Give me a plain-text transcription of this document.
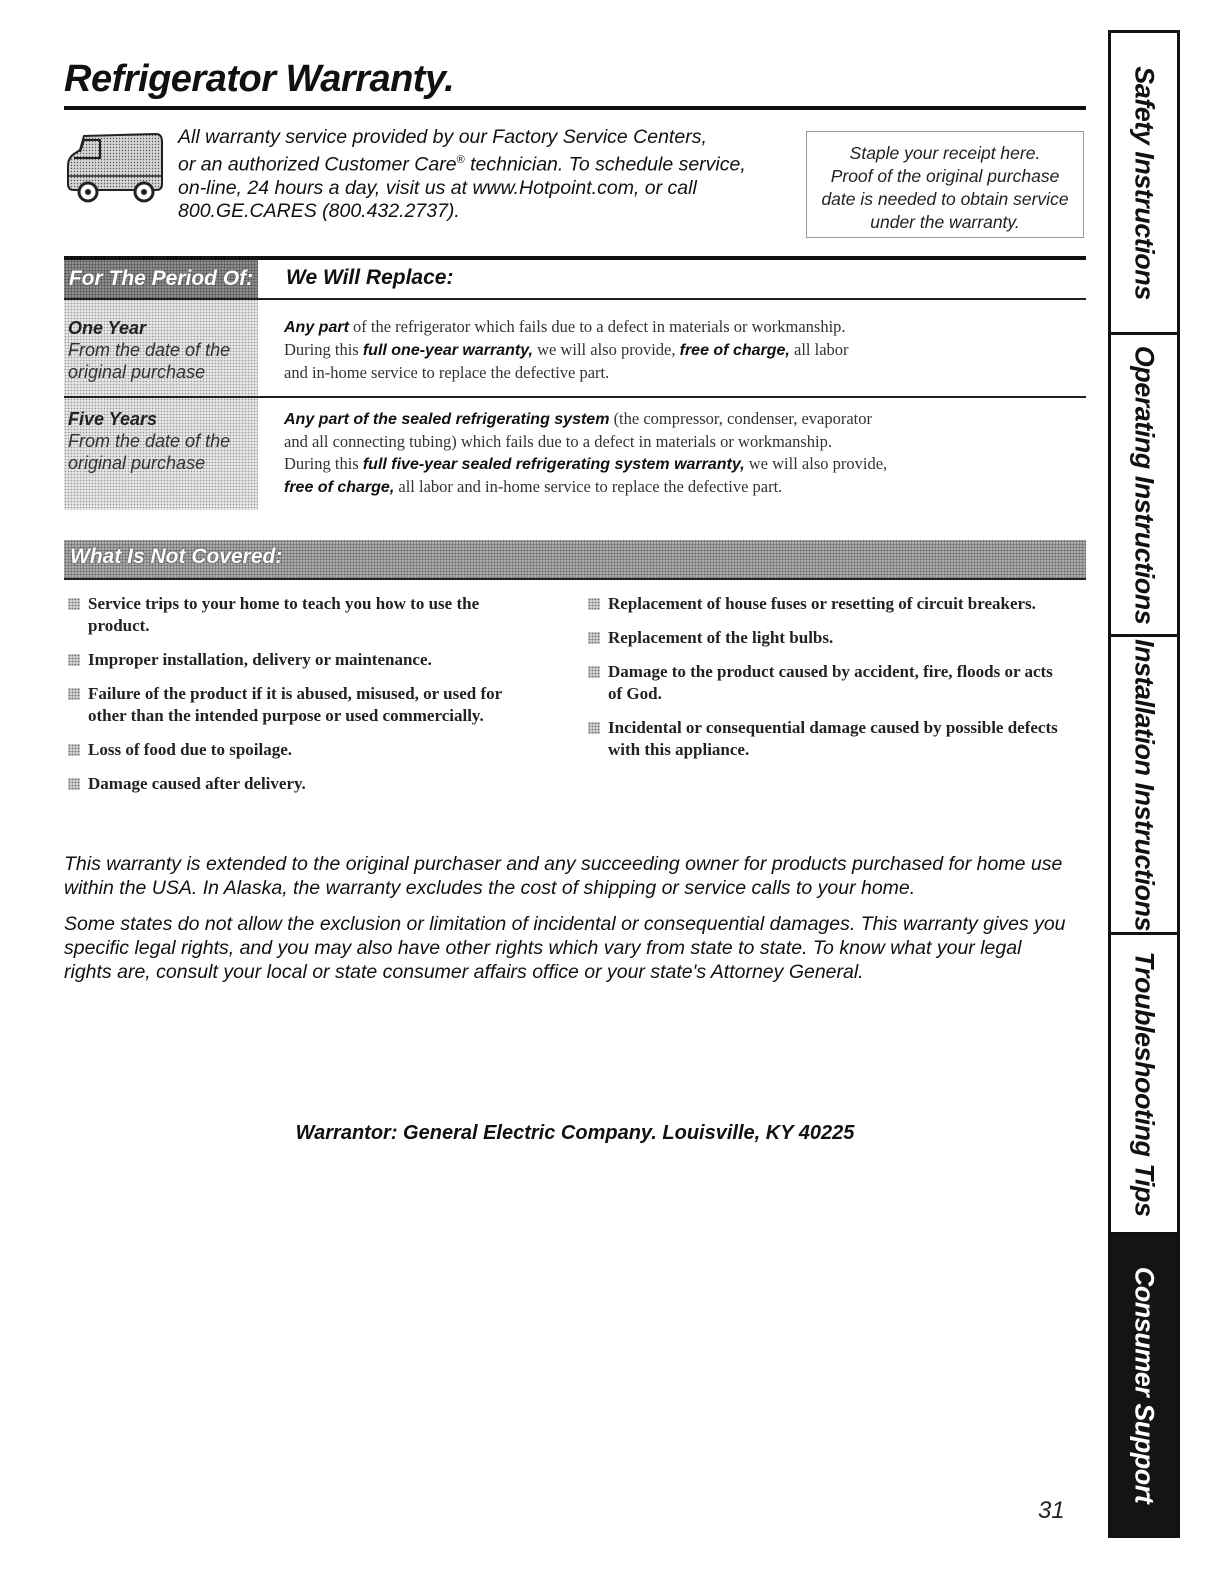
Refrigerator Warranty.
All warranty service provided by our Factory Service Centers,
or an authorized Customer Care® technician. To schedule service,
on-line, 24 hours a day, visit us at www.Hotpoint.com, or call
800.GE.CARES (800.432.2737).
Staple your receipt here.
Proof of the original purchase
date is needed to obtain service
under the warranty.
For The Period Of: We Will Replace:
One Year
From the date of the
original purchase
Any part of the refrigerator which fails due to a defect in materials or workmanship.
During this full one-year warranty, we will also provide, free of charge, all labor
and in-home service to replace the defective part.
Five Years
From the date of the
original purchase
Any part of the sealed refrigerating system (the compressor, condenser, evaporator
and all connecting tubing) which fails due to a defect in materials or workmanship.
During this full five-year sealed refrigerating system warranty, we will also provide,
free of charge, all labor and in-home service to replace the defective part.
What Is Not Covered:
Service trips to your home to teach you how to use the product.
Improper installation, delivery or maintenance.
Failure of the product if it is abused, misused, or used for other than the intended purpose or used commercially.
Loss of food due to spoilage.
Damage caused after delivery.
Replacement of house fuses or resetting of circuit breakers.
Replacement of the light bulbs.
Damage to the product caused by accident, fire, floods or acts of God.
Incidental or consequential damage caused by possible defects with this appliance.

This warranty is extended to the original purchaser and any succeeding owner for products purchased for home use within the USA. In Alaska, the warranty excludes the cost of shipping or service calls to your home.

Some states do not allow the exclusion or limitation of incidental or consequential damages. This warranty gives you specific legal rights, and you may also have other rights which vary from state to state. To know what your legal rights are, consult your local or state consumer affairs office or your state's Attorney General.

Warrantor: General Electric Company. Louisville, KY 40225
31
Safety Instructions
Operating Instructions
Installation Instructions
Troubleshooting Tips
Consumer Support
